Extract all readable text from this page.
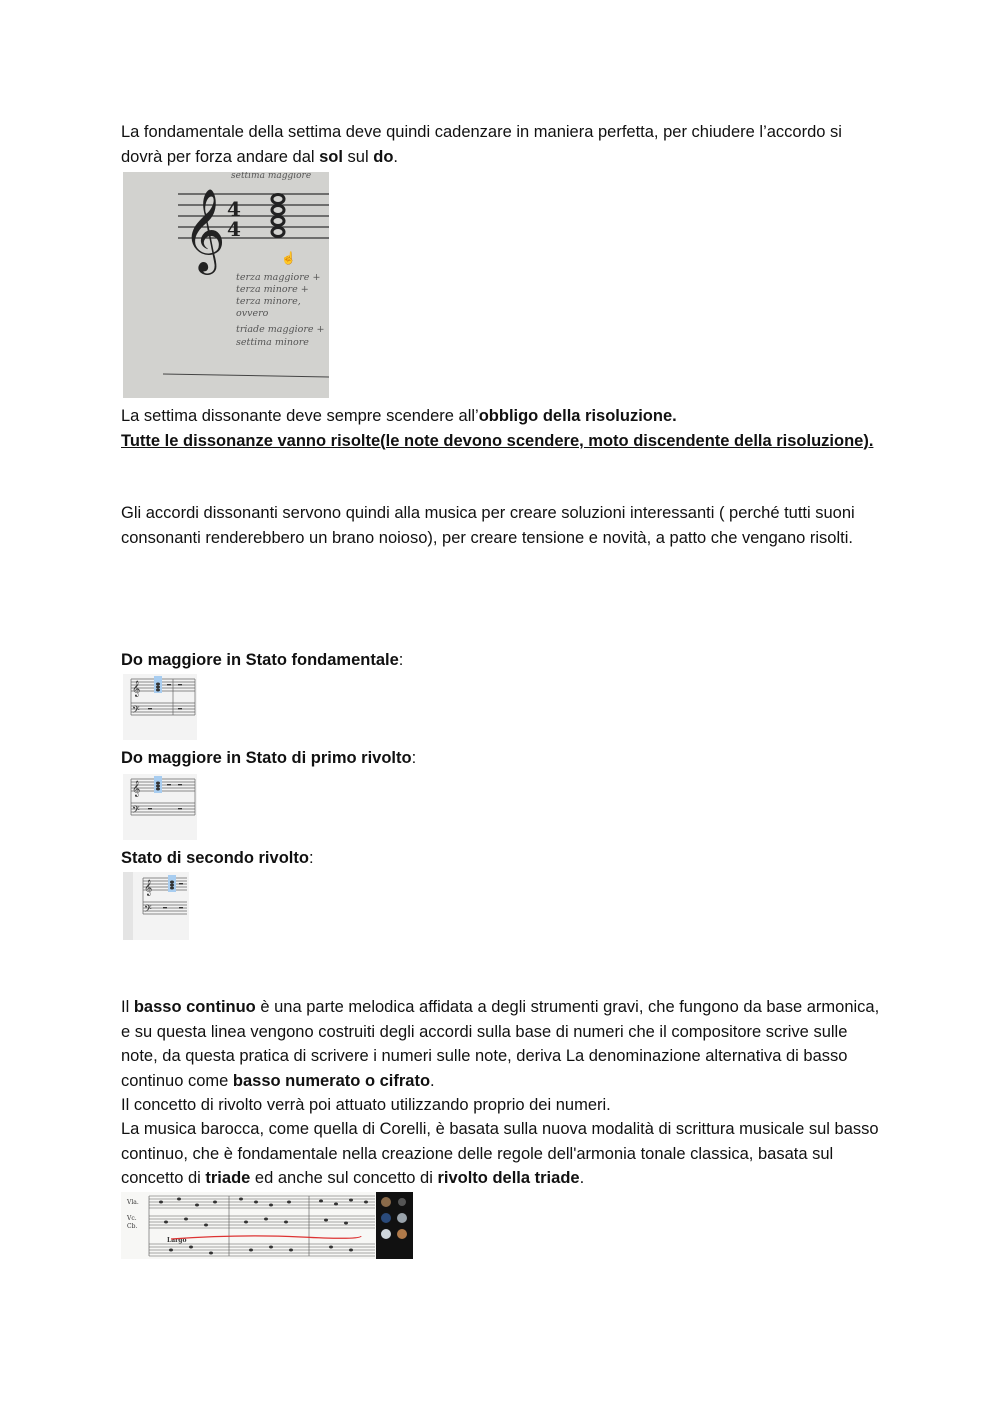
La fondamentale della settima deve quindi cadenzare in maniera perfetta, per chiudere l’accordo si dovrà per forza andare dal sol sul do.

settima maggiore
𝄞 4
4
☝
terza maggiore +
terza minore +
terza minore,
ovvero
triade maggiore +
settima minore

La settima dissonante deve sempre scendere all’obbligo della risoluzione.
Tutte le dissonanze vanno risolte(le note devono scendere, moto discendente della risoluzione).

Gli accordi dissonanti servono quindi alla musica per creare soluzioni interessanti ( perché tutti suoni consonanti renderebbero un brano noioso), per creare tensione e novità, a patto che vengano risolti.

Do maggiore in Stato fondamentale:

𝄞
𝄢

Do maggiore in Stato di primo rivolto:

𝄞
𝄢

Stato di secondo rivolto:

𝄞
𝄢

Il basso continuo è una parte melodica affidata a degli strumenti gravi, che fungono da base armonica, e su questa linea vengono costruiti degli accordi sulla base di numeri che il compositore scrive sulle note, da questa pratica di scrivere i numeri sulle note, deriva La denominazione alternativa di basso continuo come basso numerato o cifrato.

Il concetto di rivolto verrà poi attuato utilizzando proprio dei numeri.

La musica barocca, come quella di Corelli, è basata sulla nuova modalità di scrittura musicale sul basso continuo, che è fondamentale nella creazione delle regole dell'armonia tonale classica, basata sul concetto di triade ed anche sul concetto di rivolto della triade.

Vla.
Vc.
Cb.
Largo
